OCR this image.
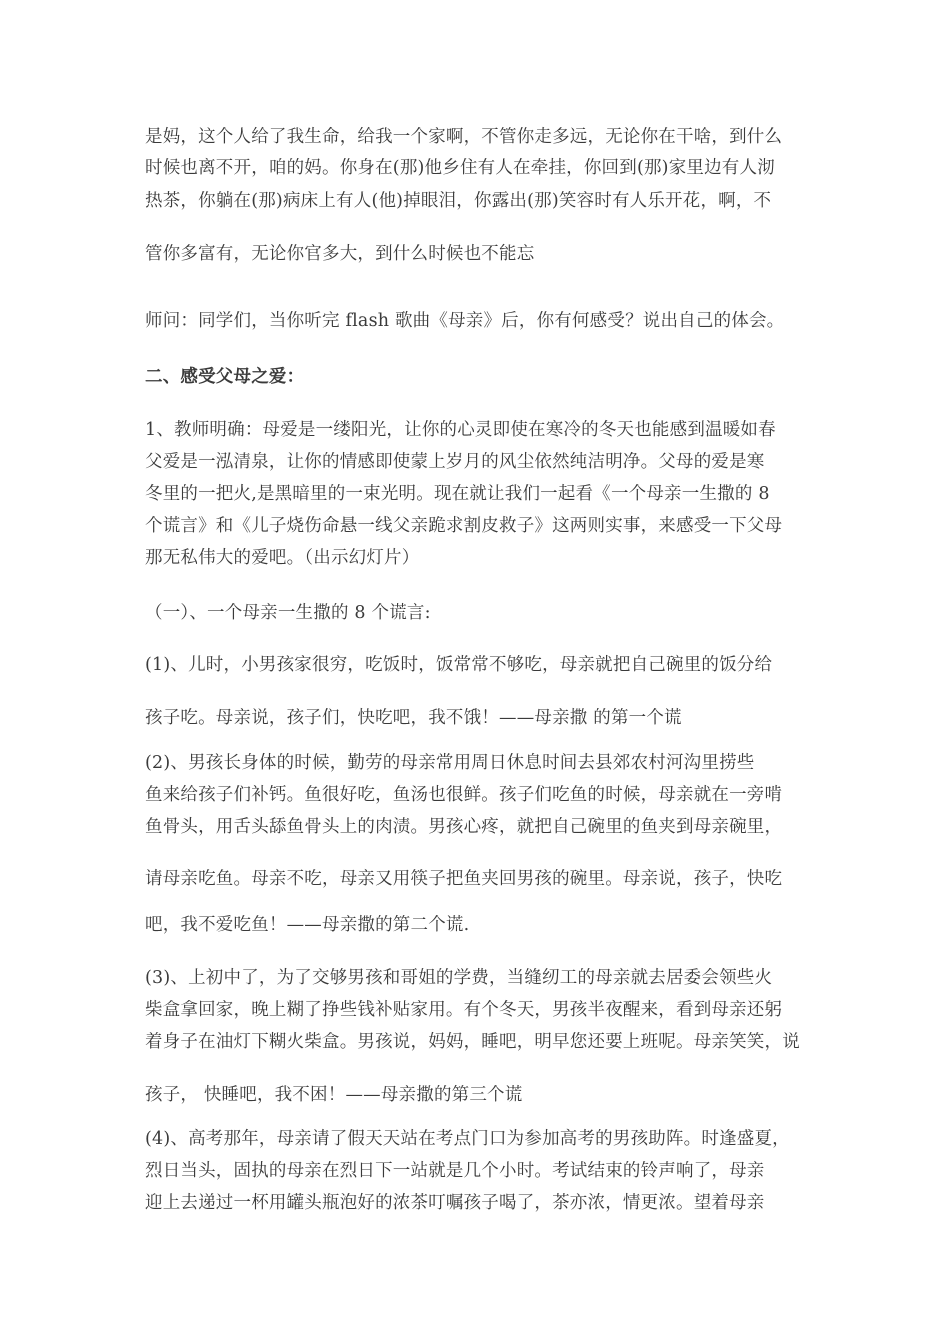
是妈，这个人给了我生命，给我一个家啊，不管你走多远，无论你在干啥，到什么
时候也离不开，咱的妈。你身在(那)他乡住有人在牵挂，你回到(那)家里边有人沏
热茶，你躺在(那)病床上有人(他)掉眼泪，你露出(那)笑容时有人乐开花，啊，不
管你多富有，无论你官多大，到什么时候也不能忘
师问：同学们，当你听完 flash 歌曲《母亲》后，你有何感受？说出自己的体会。
二、感受父母之爱：
1、教师明确：母爱是一缕阳光，让你的心灵即使在寒冷的冬天也能感到温暖如春
父爱是一泓清泉，让你的情感即使蒙上岁月的风尘依然纯洁明净。父母的爱是寒
冬里的一把火,是黑暗里的一束光明。现在就让我们一起看《一个母亲一生撒的 8
个谎言》和《儿子烧伤命悬一线父亲跪求割皮救子》这两则实事，来感受一下父母
那无私伟大的爱吧。（出示幻灯片）
（一）、一个母亲一生撒的 8 个谎言:
(1)、儿时，小男孩家很穷，吃饭时，饭常常不够吃，母亲就把自己碗里的饭分给
孩子吃。母亲说，孩子们，快吃吧，我不饿！——母亲撒 的第一个谎
(2)、男孩长身体的时候，勤劳的母亲常用周日休息时间去县郊农村河沟里捞些
鱼来给孩子们补钙。鱼很好吃，鱼汤也很鲜。孩子们吃鱼的时候，母亲就在一旁啃
鱼骨头，用舌头舔鱼骨头上的肉渍。男孩心疼，就把自己碗里的鱼夹到母亲碗里，
请母亲吃鱼。母亲不吃，母亲又用筷子把鱼夹回男孩的碗里。母亲说，孩子，快吃
吧，我不爱吃鱼！——母亲撒的第二个谎.
(3)、上初中了，为了交够男孩和哥姐的学费，当缝纫工的母亲就去居委会领些火
柴盒拿回家，晚上糊了挣些钱补贴家用。有个冬天，男孩半夜醒来，看到母亲还躬
着身子在油灯下糊火柴盒。男孩说，妈妈，睡吧，明早您还要上班呢。母亲笑笑，说
孩子， 快睡吧，我不困！——母亲撒的第三个谎
(4)、高考那年，母亲请了假天天站在考点门口为参加高考的男孩助阵。时逢盛夏，
烈日当头，固执的母亲在烈日下一站就是几个小时。考试结束的铃声响了，母亲
迎上去递过一杯用罐头瓶泡好的浓茶叮嘱孩子喝了，茶亦浓，情更浓。望着母亲
